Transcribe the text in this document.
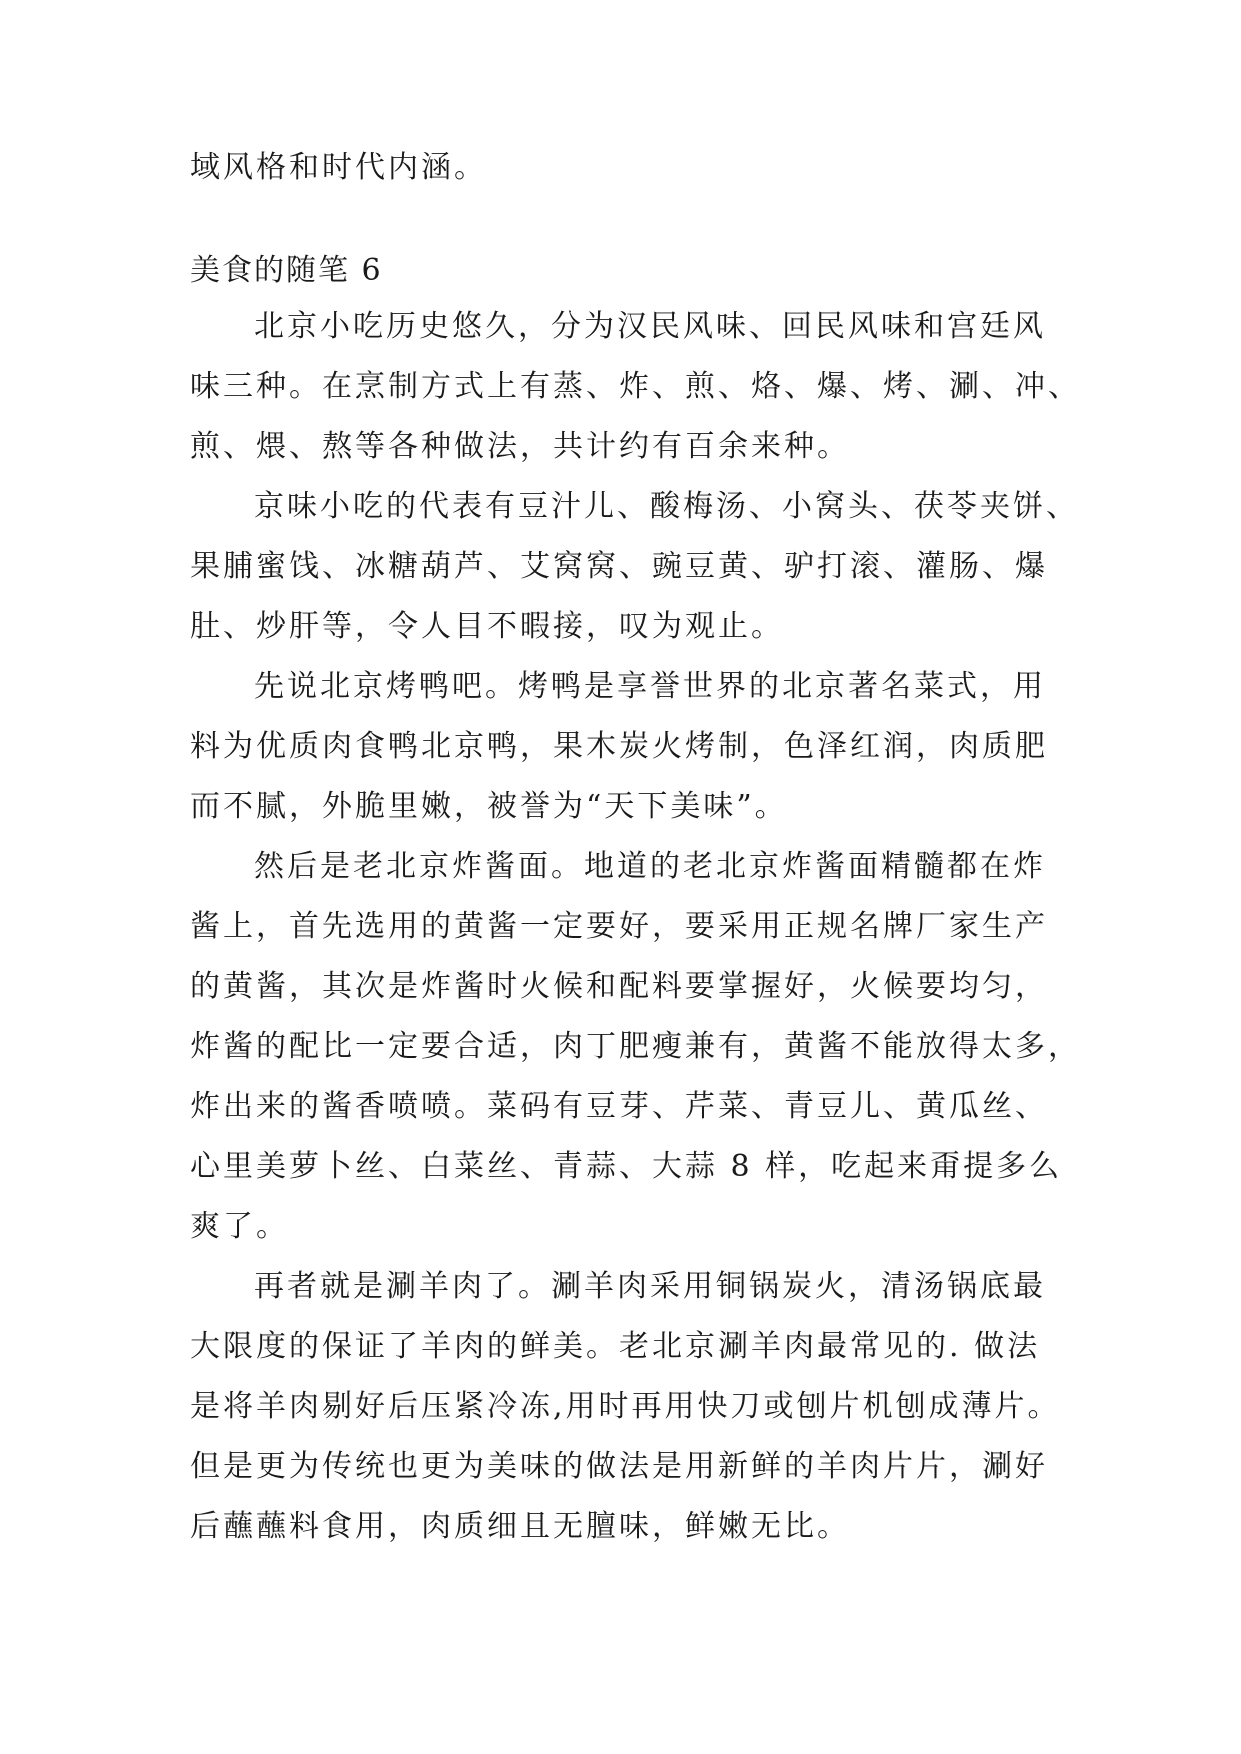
域风格和时代内涵。
美食的随笔 6
北京小吃历史悠久，分为汉民风味、回民风味和宫廷风
味三种。在烹制方式上有蒸、炸、煎、烙、爆、烤、涮、冲、
煎、煨、熬等各种做法，共计约有百余来种。
京味小吃的代表有豆汁儿、酸梅汤、小窝头、茯苓夹饼、
果脯蜜饯、冰糖葫芦、艾窝窝、豌豆黄、驴打滚、灌肠、爆
肚、炒肝等，令人目不暇接，叹为观止。
先说北京烤鸭吧。烤鸭是享誉世界的北京著名菜式，用
料为优质肉食鸭北京鸭，果木炭火烤制，色泽红润，肉质肥
而不腻，外脆里嫩，被誉为“天下美味”。
然后是老北京炸酱面。地道的老北京炸酱面精髓都在炸
酱上，首先选用的黄酱一定要好，要采用正规名牌厂家生产
的黄酱，其次是炸酱时火候和配料要掌握好，火候要均匀，
炸酱的配比一定要合适，肉丁肥瘦兼有，黄酱不能放得太多，
炸出来的酱香喷喷。菜码有豆芽、芹菜、青豆儿、黄瓜丝、
心里美萝卜丝、白菜丝、青蒜、大蒜 8 样，吃起来甭提多么
爽了。
再者就是涮羊肉了。涮羊肉采用铜锅炭火，清汤锅底最
大限度的保证了羊肉的鲜美。老北京涮羊肉最常见的. 做法
是将羊肉剔好后压紧冷冻,用时再用快刀或刨片机刨成薄片。
但是更为传统也更为美味的做法是用新鲜的羊肉片片，涮好
后蘸蘸料食用，肉质细且无膻味，鲜嫩无比。
